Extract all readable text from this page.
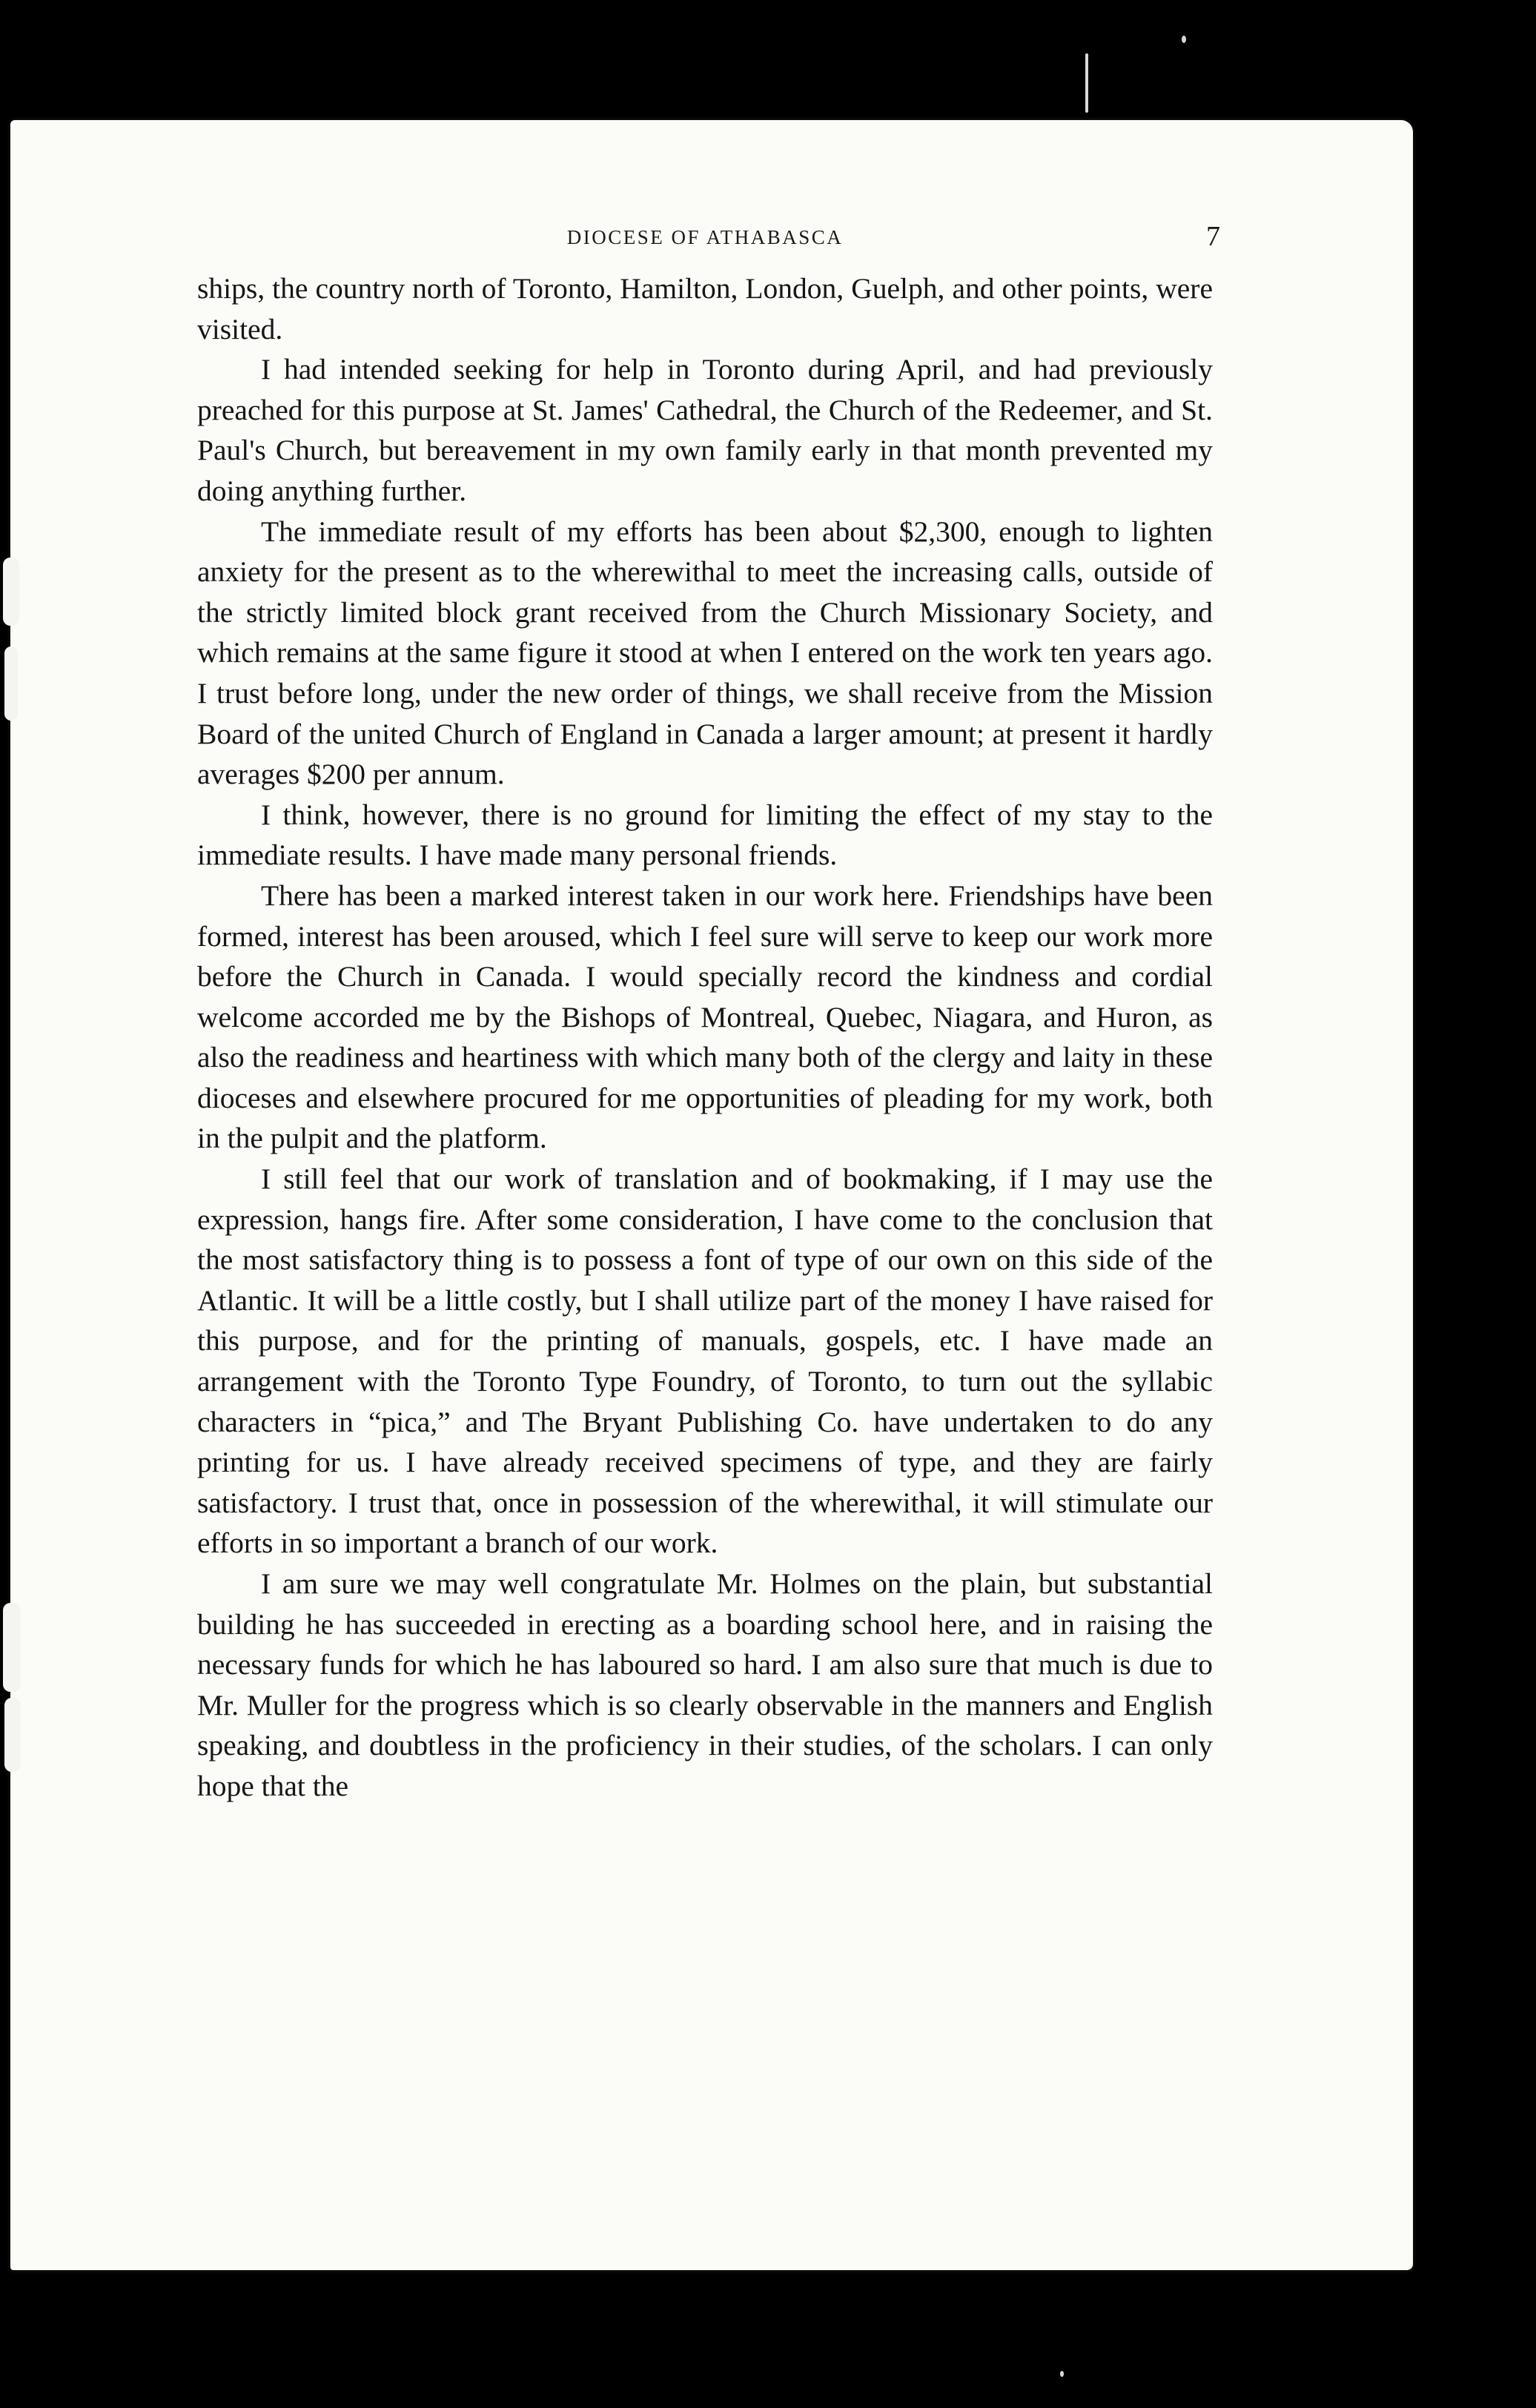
DIOCESE OF ATHABASCA	7

ships, the country north of Toronto, Hamilton, London, Guelph, and other points, were visited.

I had intended seeking for help in Toronto during April, and had previously preached for this purpose at St. James' Cathedral, the Church of the Redeemer, and St. Paul's Church, but bereavement in my own family early in that month prevented my doing anything further.

The immediate result of my efforts has been about $2,300, enough to lighten anxiety for the present as to the wherewithal to meet the increasing calls, outside of the strictly limited block grant received from the Church Missionary Society, and which remains at the same figure it stood at when I entered on the work ten years ago. I trust before long, under the new order of things, we shall receive from the Mission Board of the united Church of England in Canada a larger amount; at present it hardly averages $200 per annum.

I think, however, there is no ground for limiting the effect of my stay to the immediate results. I have made many personal friends.

There has been a marked interest taken in our work here. Friendships have been formed, interest has been aroused, which I feel sure will serve to keep our work more before the Church in Canada. I would specially record the kindness and cordial welcome accorded me by the Bishops of Montreal, Quebec, Niagara, and Huron, as also the readiness and heartiness with which many both of the clergy and laity in these dioceses and elsewhere procured for me opportunities of pleading for my work, both in the pulpit and the platform.

I still feel that our work of translation and of bookmaking, if I may use the expression, hangs fire. After some consideration, I have come to the conclusion that the most satisfactory thing is to possess a font of type of our own on this side of the Atlantic. It will be a little costly, but I shall utilize part of the money I have raised for this purpose, and for the printing of manuals, gospels, etc. I have made an arrangement with the Toronto Type Foundry, of Toronto, to turn out the syllabic characters in “pica,” and The Bryant Publishing Co. have undertaken to do any printing for us. I have already received specimens of type, and they are fairly satisfactory. I trust that, once in possession of the wherewithal, it will stimulate our efforts in so important a branch of our work.

I am sure we may well congratulate Mr. Holmes on the plain, but substantial building he has succeeded in erecting as a boarding school here, and in raising the necessary funds for which he has laboured so hard. I am also sure that much is due to Mr. Muller for the progress which is so clearly observable in the manners and English speaking, and doubtless in the proficiency in their studies, of the scholars. I can only hope that the
